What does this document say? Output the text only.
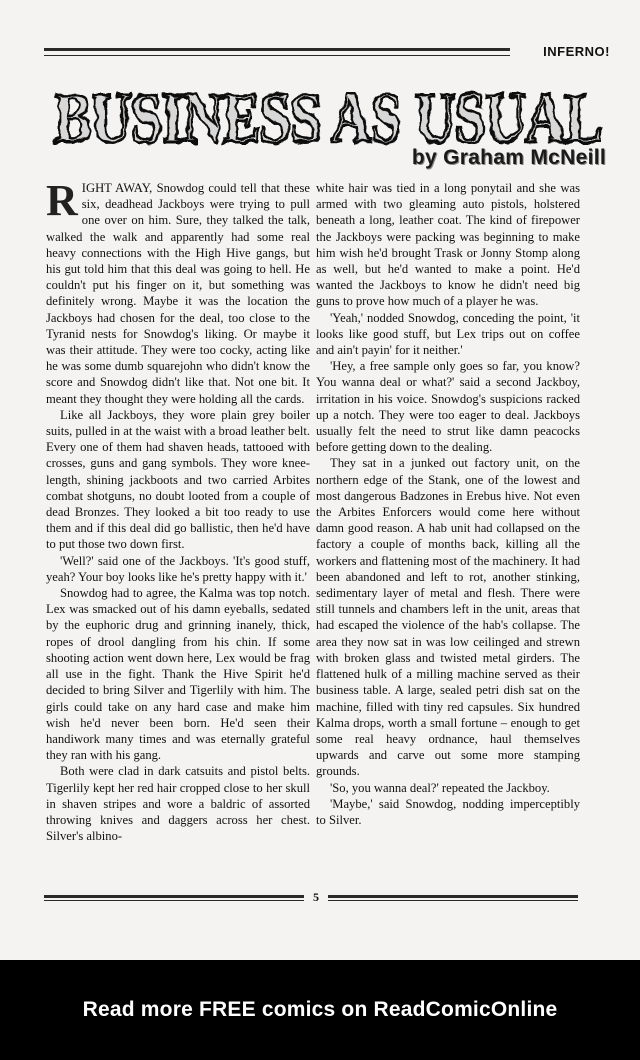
INFERNO!
BUSINESS AS USUAL
by Graham McNeill

RIGHT AWAY, Snowdog could tell that these six, deadhead Jackboys were trying to pull one over on him. Sure, they talked the talk, walked the walk and apparently had some real heavy connections with the High Hive gangs, but his gut told him that this deal was going to hell. He couldn't put his finger on it, but something was definitely wrong. Maybe it was the location the Jackboys had chosen for the deal, too close to the Tyranid nests for Snowdog's liking. Or maybe it was their attitude. They were too cocky, acting like he was some dumb squarejohn who didn't know the score and Snowdog didn't like that. Not one bit. It meant they thought they were holding all the cards.

Like all Jackboys, they wore plain grey boiler suits, pulled in at the waist with a broad leather belt. Every one of them had shaven heads, tattooed with crosses, guns and gang symbols. They wore knee-length, shining jackboots and two carried Arbites combat shotguns, no doubt looted from a couple of dead Bronzes. They looked a bit too ready to use them and if this deal did go ballistic, then he'd have to put those two down first.

'Well?' said one of the Jackboys. 'It's good stuff, yeah? Your boy looks like he's pretty happy with it.'

Snowdog had to agree, the Kalma was top notch. Lex was smacked out of his damn eyeballs, sedated by the euphoric drug and grinning inanely, thick, ropes of drool dangling from his chin. If some shooting action went down here, Lex would be frag all use in the fight. Thank the Hive Spirit he'd decided to bring Silver and Tigerlily with him. The girls could take on any hard case and make him wish he'd never been born. He'd seen their handiwork many times and was eternally grateful they ran with his gang.

Both were clad in dark catsuits and pistol belts. Tigerlily kept her red hair cropped close to her skull in shaven stripes and wore a baldric of assorted throwing knives and daggers across her chest. Silver's albino-

white hair was tied in a long ponytail and she was armed with two gleaming auto pistols, holstered beneath a long, leather coat. The kind of firepower the Jackboys were packing was beginning to make him wish he'd brought Trask or Jonny Stomp along as well, but he'd wanted to make a point. He'd wanted the Jackboys to know he didn't need big guns to prove how much of a player he was.

'Yeah,' nodded Snowdog, conceding the point, 'it looks like good stuff, but Lex trips out on coffee and ain't payin' for it neither.'

'Hey, a free sample only goes so far, you know? You wanna deal or what?' said a second Jackboy, irritation in his voice. Snowdog's suspicions racked up a notch. They were too eager to deal. Jackboys usually felt the need to strut like damn peacocks before getting down to the dealing.

They sat in a junked out factory unit, on the northern edge of the Stank, one of the lowest and most dangerous Badzones in Erebus hive. Not even the Arbites Enforcers would come here without damn good reason. A hab unit had collapsed on the factory a couple of months back, killing all the workers and flattening most of the machinery. It had been abandoned and left to rot, another stinking, sedimentary layer of metal and flesh. There were still tunnels and chambers left in the unit, areas that had escaped the violence of the hab's collapse. The area they now sat in was low ceilinged and strewn with broken glass and twisted metal girders. The flattened hulk of a milling machine served as their business table. A large, sealed petri dish sat on the machine, filled with tiny red capsules. Six hundred Kalma drops, worth a small fortune – enough to get some real heavy ordnance, haul themselves upwards and carve out some more stamping grounds.

'So, you wanna deal?' repeated the Jackboy.

'Maybe,' said Snowdog, nodding imperceptibly to Silver.

5
Read more FREE comics on ReadComicOnline
